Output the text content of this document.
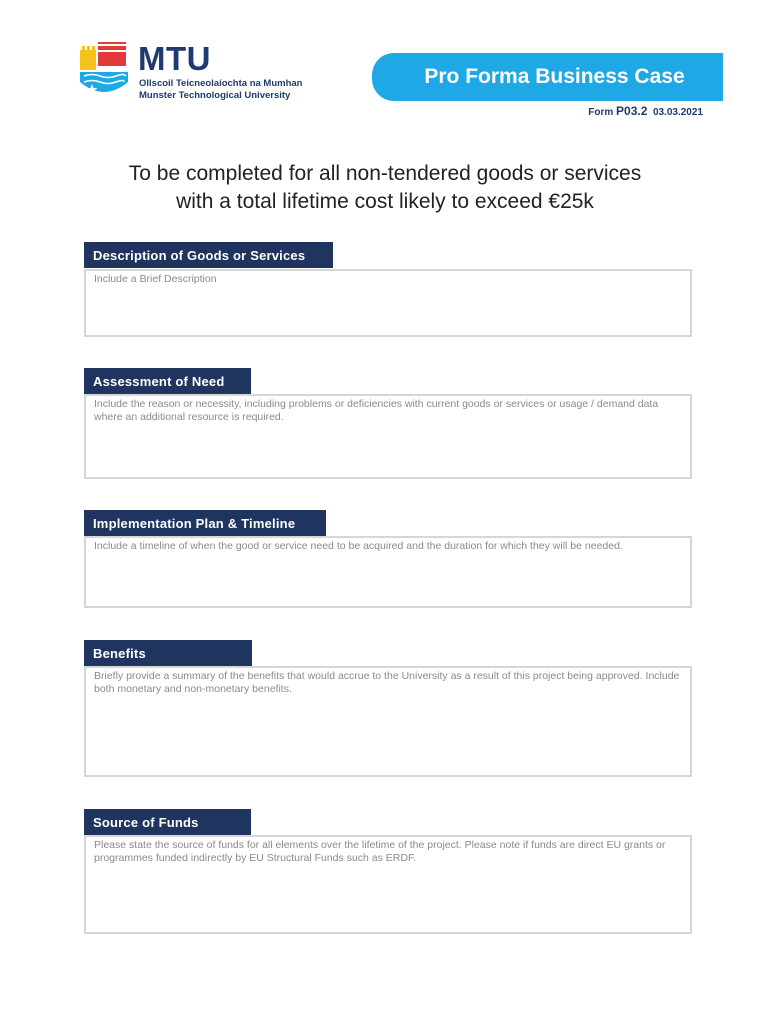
MTU
Ollscoil Teicneolaíochta na Mumhan
Munster Technological University
Pro Forma Business Case
Form P03.2 03.03.2021
To be completed for all non-tendered goods or services
with a total lifetime cost likely to exceed €25k
Description of Goods or Services
Include a Brief Description
Assessment of Need
Include the reason or necessity, including problems or deficiencies with current goods or services or usage / demand data where an additional resource is required.
Implementation Plan & Timeline
Include a timeline of when the good or service need to be acquired and the duration for which they will be needed.
Benefits
Briefly provide a summary of the benefits that would accrue to the University as a result of this project being approved. Include both monetary and non-monetary benefits.
Source of Funds
Please state the source of funds for all elements over the lifetime of the project. Please note if funds are direct EU grants or programmes funded indirectly by EU Structural Funds such as ERDF.
